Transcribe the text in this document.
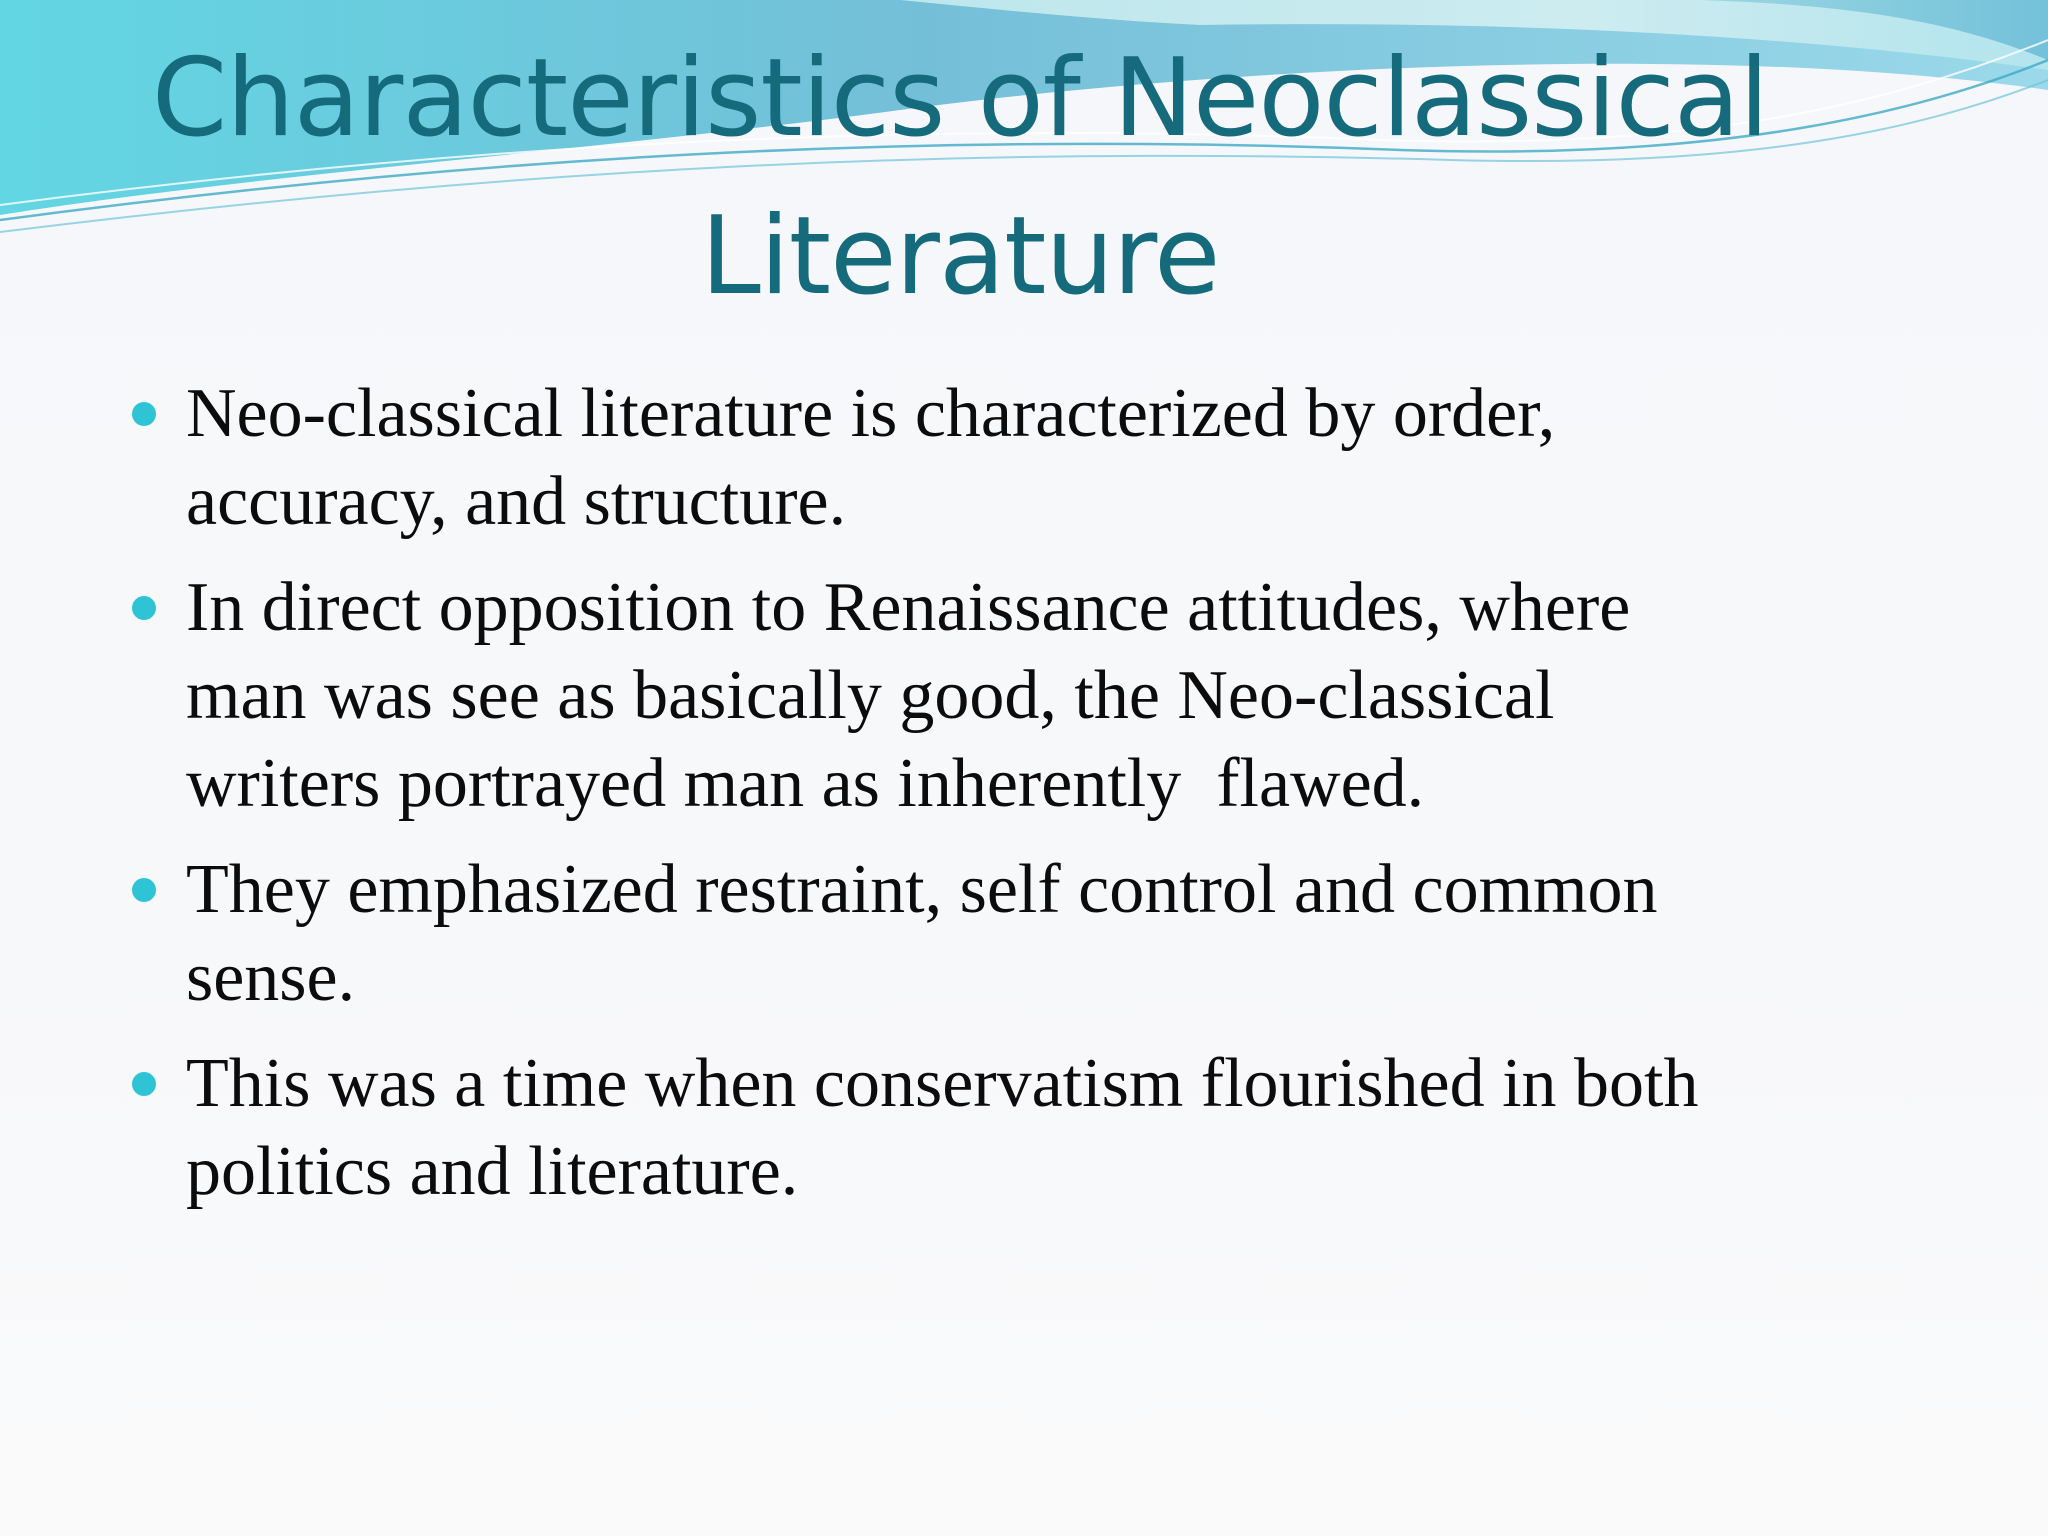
Characteristics of Neoclassical
Literature
Neo-classical literature is characterized by order,
accuracy, and structure.
In direct opposition to Renaissance attitudes, where
man was see as basically good, the Neo-classical
writers portrayed man as inherently  flawed.
They emphasized restraint, self control and common
sense.
This was a time when conservatism flourished in both
politics and literature.
